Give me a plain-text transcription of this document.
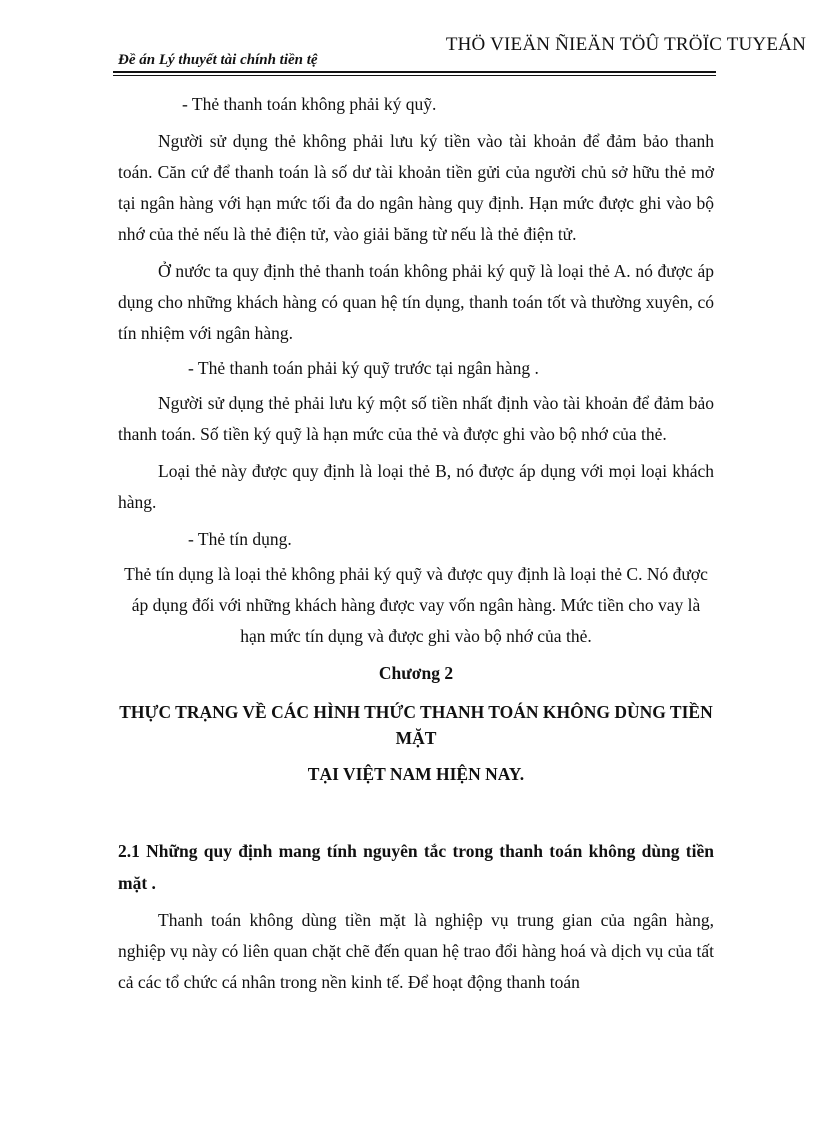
THÖ VIEÄN ÑIEÄN TÖÛ TRÖÏC TUYEÁN
Đề án Lý thuyết tài chính tiền tệ

- Thẻ thanh toán không phải ký quỹ.

Người sử dụng thẻ không phải lưu ký tiền vào tài khoản để đảm bảo thanh toán. Căn cứ để thanh toán là số dư tài khoản tiền gửi của người chủ sở hữu thẻ mở tại ngân hàng với hạn mức tối đa do ngân hàng quy định. Hạn mức được ghi vào bộ nhớ của thẻ nếu là thẻ điện tử, vào giải băng từ nếu là thẻ điện tử.

Ở nước ta quy định thẻ thanh toán không phải ký quỹ là loại thẻ A. nó được áp dụng cho những khách hàng có quan hệ tín dụng, thanh toán tốt và thường xuyên, có tín nhiệm với ngân hàng.

- Thẻ thanh toán phải ký quỹ trước tại ngân hàng .

Người sử dụng thẻ phải lưu ký một số tiền nhất định vào tài khoản để đảm bảo thanh toán. Số tiền ký quỹ là hạn mức của thẻ và được ghi vào bộ nhớ của thẻ.

Loại thẻ này được quy định là loại thẻ B, nó được áp dụng với mọi loại khách hàng.

- Thẻ tín dụng.

Thẻ tín dụng là loại thẻ không phải ký quỹ và được quy định là loại thẻ C. Nó được áp dụng đối với những khách hàng được vay vốn ngân hàng. Mức tiền cho vay là hạn mức tín dụng và được ghi vào bộ nhớ của thẻ.

Chương 2

THỰC TRẠNG VỀ CÁC HÌNH THỨC THANH TOÁN KHÔNG DÙNG TIỀN MẶT

TẠI VIỆT NAM HIỆN NAY.

2.1 Những quy định mang tính nguyên tắc trong thanh toán không dùng tiền mặt .

Thanh toán không dùng tiền mặt là nghiệp vụ trung gian của ngân hàng, nghiệp vụ này có liên quan chặt chẽ đến quan hệ trao đổi hàng hoá và dịch vụ của tất cả các tổ chức cá nhân trong nền kinh tế. Để hoạt động thanh toán
